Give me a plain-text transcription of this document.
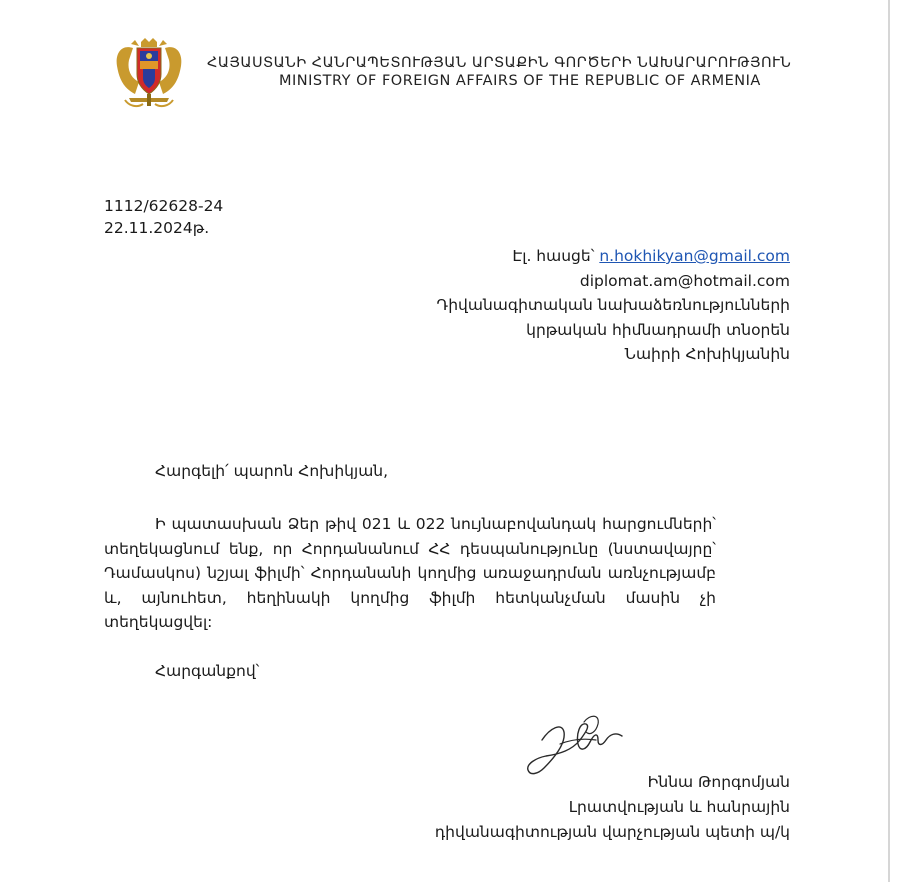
ՀԱՅԱՍՏԱՆԻ ՀԱՆՐԱՊԵՏՈՒԹՅԱՆ ԱՐՏԱՔԻՆ ԳՈՐԾԵՐԻ ՆԱԽԱՐԱՐՈՒԹՅՈՒՆ
MINISTRY OF FOREIGN AFFAIRS OF THE REPUBLIC OF ARMENIA
1112/62628-24
22.11.2024թ.
Էլ. հասցե՝ n.hokhikyan@gmail.com
diplomat.am@hotmail.com
Դիվանագիտական նախաձեռնությունների
կրթական հիմնադրամի տնօրեն
Նաիրի Հոխիկյանին
Հարգելի՛ պարոն Հոխիկյան,
Ի պատասխան Ձեր թիվ 021 և 022 նույնաբովանդակ հարցումների՝ տեղեկացնում ենք, որ Հորդանանում ՀՀ դեսպանությունը (նստավայրը՝ Դամասկոս) նշյալ ֆիլմի՝ Հորդանանի կողմից առաջադրման առնչությամբ և, այնուհետ, հեղինակի կողմից ֆիլմի հետկանչման մասին չի տեղեկացվել:
Հարգանքով՝
Իննա Թորգոմյան
Լրատվության և հանրային
դիվանագիտության վարչության պետի պ/կ
